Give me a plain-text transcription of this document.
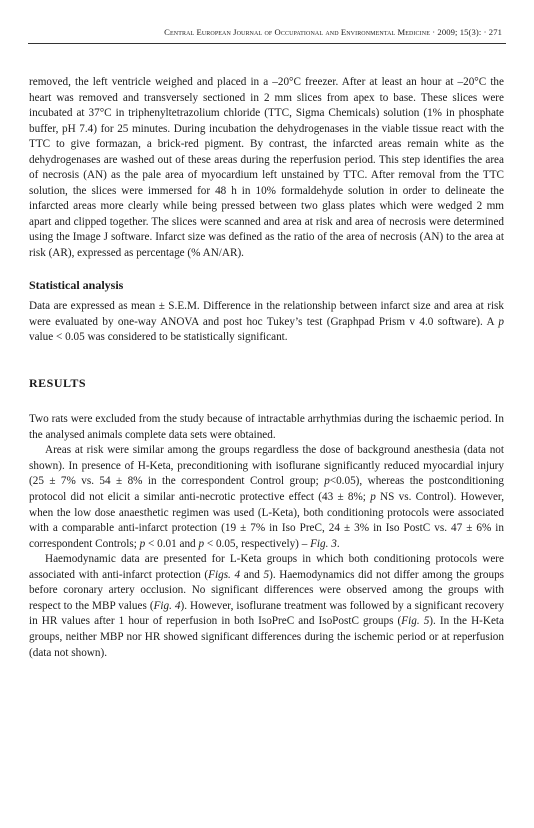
Central European Journal of Occupational and Environmental Medicine · 2009; 15(3): · 271

removed, the left ventricle weighed and placed in a –20°C freezer. After at least an hour at –20°C the heart was removed and transversely sectioned in 2 mm slices from apex to base. These slices were incubated at 37°C in triphenyltetrazolium chloride (TTC, Sigma Chemicals) solution (1% in phosphate buffer, pH 7.4) for 25 minutes. During incubation the dehydrogenases in the viable tissue react with the TTC to give formazan, a brick-red pigment. By contrast, the infarcted areas remain white as the dehydrogenases are washed out of these areas during the reperfusion period. This step identifies the area of necrosis (AN) as the pale area of myocardium left unstained by TTC. After removal from the TTC solution, the slices were immersed for 48 h in 10% formaldehyde solution in order to delineate the infarcted areas more clearly while being pressed between two glass plates which were wedged 2 mm apart and clipped together. The slices were scanned and area at risk and area of necrosis were determined using the Image J software. Infarct size was defined as the ratio of the area of necrosis (AN) to the area at risk (AR), expressed as percentage (% AN/AR).

Statistical analysis

Data are expressed as mean ± S.E.M. Difference in the relationship between infarct size and area at risk were evaluated by one-way ANOVA and post hoc Tukey’s test (Graphpad Prism v 4.0 software). A p value < 0.05 was considered to be statistically significant.

RESULTS

Two rats were excluded from the study because of intractable arrhythmias during the ischaemic period. In the analysed animals complete data sets were obtained.

Areas at risk were similar among the groups regardless the dose of background anesthesia (data not shown). In presence of H-Keta, preconditioning with isoflurane significantly reduced myocardial injury (25 ± 7% vs. 54 ± 8% in the correspondent Control group; p<0.05), whereas the postconditioning protocol did not elicit a similar anti-necrotic protective effect (43 ± 8%; p NS vs. Control). However, when the low dose anaesthetic regimen was used (L-Keta), both conditioning protocols were associated with a comparable anti-infarct protection (19 ± 7% in Iso PreC, 24 ± 3% in Iso PostC vs. 47 ± 6% in correspondent Controls; p < 0.01 and p < 0.05, respectively) – Fig. 3.

Haemodynamic data are presented for L-Keta groups in which both conditioning protocols were associated with anti-infarct protection (Figs. 4 and 5). Haemodynamics did not differ among the groups before coronary artery occlusion. No significant differences were observed among the groups with respect to the MBP values (Fig. 4). However, isoflurane treatment was followed by a significant recovery in HR values after 1 hour of reperfusion in both IsoPreC and IsoPostC groups (Fig. 5). In the H-Keta groups, neither MBP nor HR showed significant differences during the ischemic period or at reperfusion (data not shown).
